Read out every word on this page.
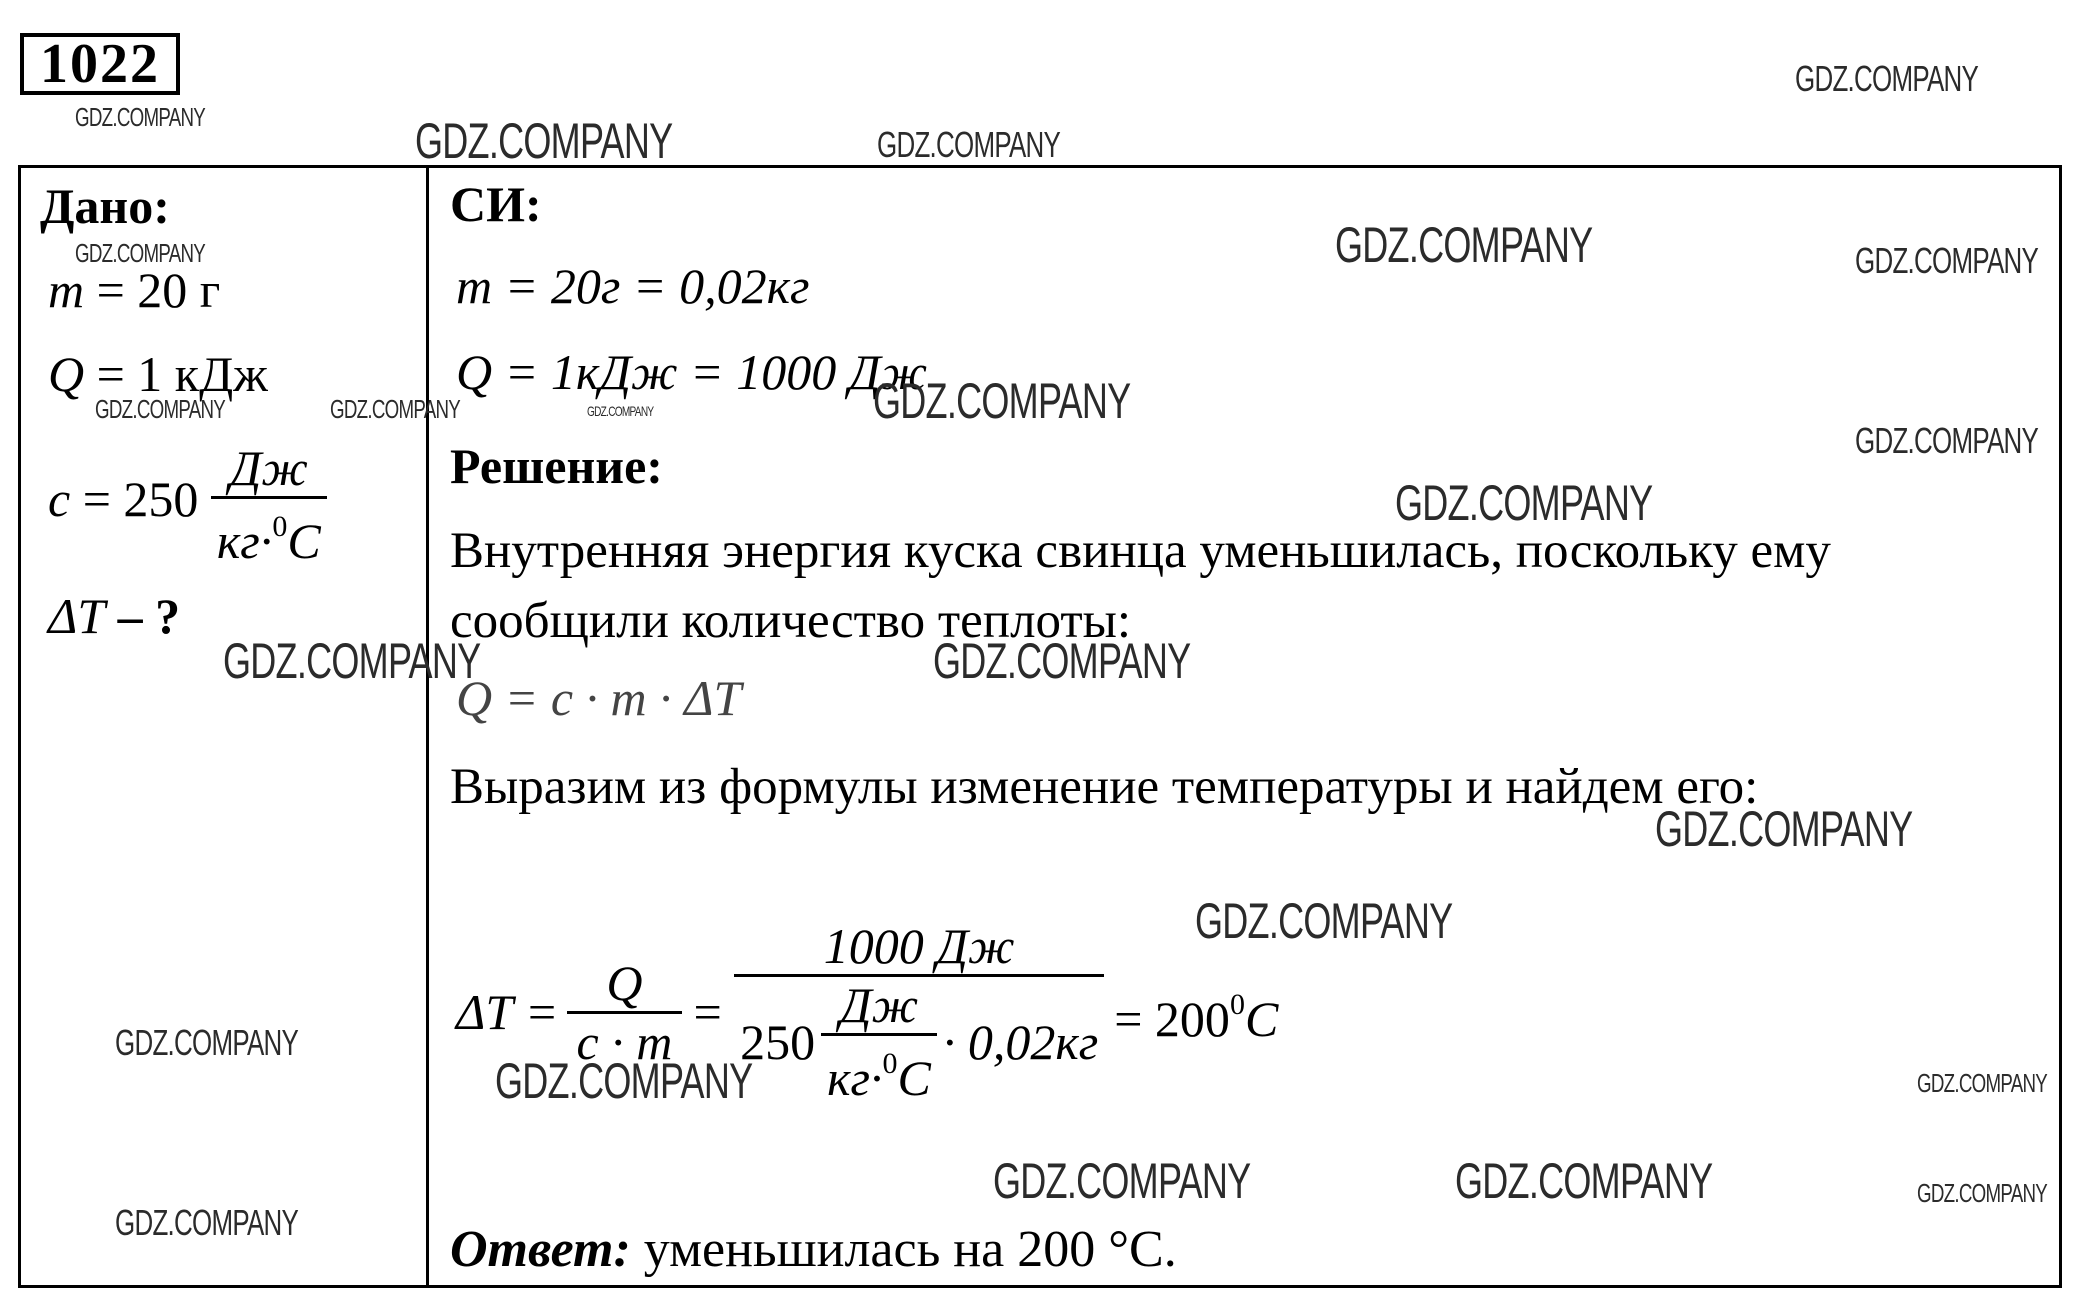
1022
Дано:
m = 20 г
Q = 1 кДж
$c = 250 \frac{Дж}{кг\cdot^0C}$
ΔT – ?
СИ:
m = 20г = 0,02кг
Q = 1кДж = 1000 Дж
Решение:
Внутренняя энергия куска свинца уменьшилась, поскольку ему
сообщили количество теплоты:
Q = c · m · ΔT
Выразим из формулы изменение температуры и найдем его:
$\Delta T = \frac{Q}{c \cdot m} = \frac{1000 Дж}{250 \frac{Дж}{кг\cdot^0C} \cdot 0,02кг} = 200^0C$
Ответ: уменьшилась на 200 °С.
GDZ.COMPANY	GDZ.COMPANY	GDZ.COMPANY
GDZ.COMPANY
GDZ.COMPANY	GDZ.COMPANY	GDZ.COMPANY
GDZ.COMPANY	GDZ.COMPANY	GDZ.COMPANY	GDZ.COMPANY
GDZ.COMPANY
GDZ.COMPANY
GDZ.COMPANY	GDZ.COMPANY
GDZ.COMPANY
GDZ.COMPANY
GDZ.COMPANY
GDZ.COMPANY	GDZ.COMPANY
GDZ.COMPANY	GDZ.COMPANY	GDZ.COMPANY
GDZ.COMPANY
